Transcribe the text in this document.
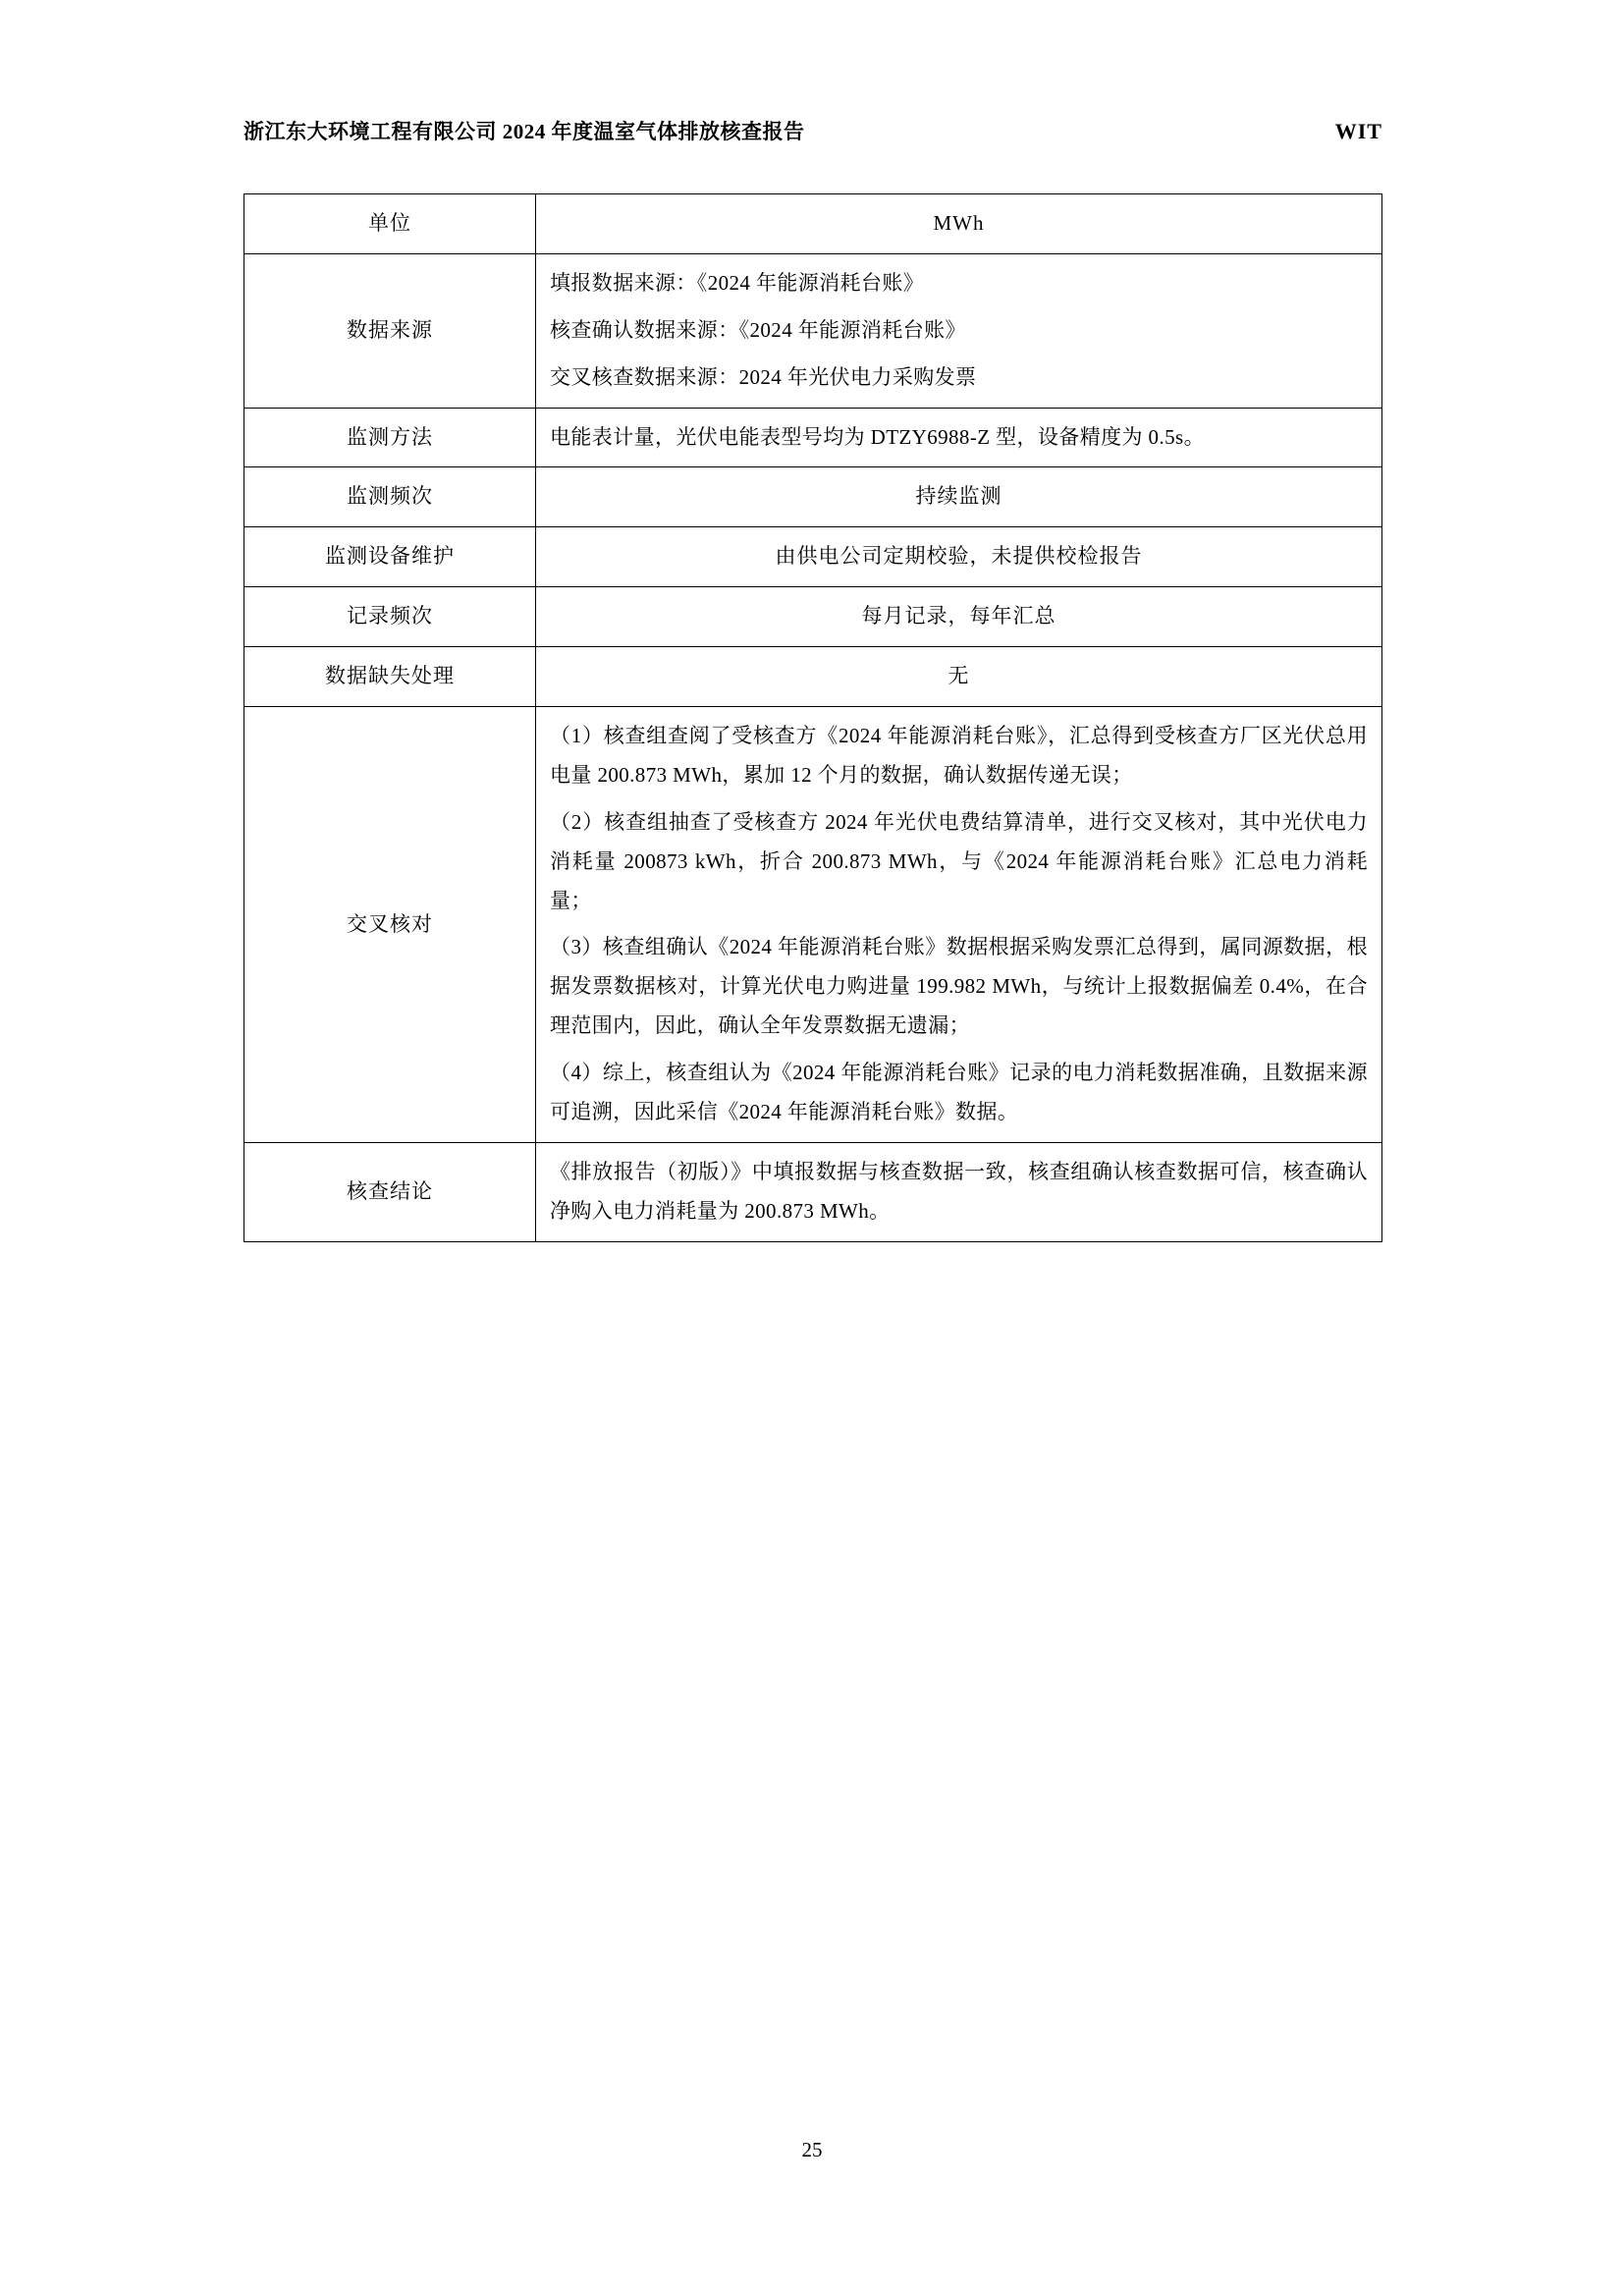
浙江东大环境工程有限公司 2024 年度温室气体排放核查报告	WIT
单位	MWh
数据来源	填报数据来源：《2024 年能源消耗台账》

核查确认数据来源：《2024 年能源消耗台账》

交叉核查数据来源：2024 年光伏电力采购发票

监测方法	电能表计量，光伏电能表型号均为 DTZY6988-Z 型，设备精度为 0.5s。

监测频次	持续监测
监测设备维护	由供电公司定期校验，未提供校检报告
记录频次	每月记录，每年汇总
数据缺失处理	无
交叉核对	（1）核查组查阅了受核查方《2024 年能源消耗台账》，汇总得到受核查方厂区光伏总用电量 200.873 MWh，累加 12 个月的数据，确认数据传递无误；

（2）核查组抽查了受核查方 2024 年光伏电费结算清单，进行交叉核对，其中光伏电力消耗量 200873 kWh，折合 200.873 MWh，与《2024 年能源消耗台账》汇总电力消耗量；

（3）核查组确认《2024 年能源消耗台账》数据根据采购发票汇总得到，属同源数据，根据发票数据核对，计算光伏电力购进量 199.982 MWh，与统计上报数据偏差 0.4%，在合理范围内，因此，确认全年发票数据无遗漏；

（4）综上，核查组认为《2024 年能源消耗台账》记录的电力消耗数据准确，且数据来源可追溯，因此采信《2024 年能源消耗台账》数据。

核查结论	《排放报告（初版）》中填报数据与核查数据一致，核查组确认核查数据可信，核查确认净购入电力消耗量为 200.873 MWh。

25
